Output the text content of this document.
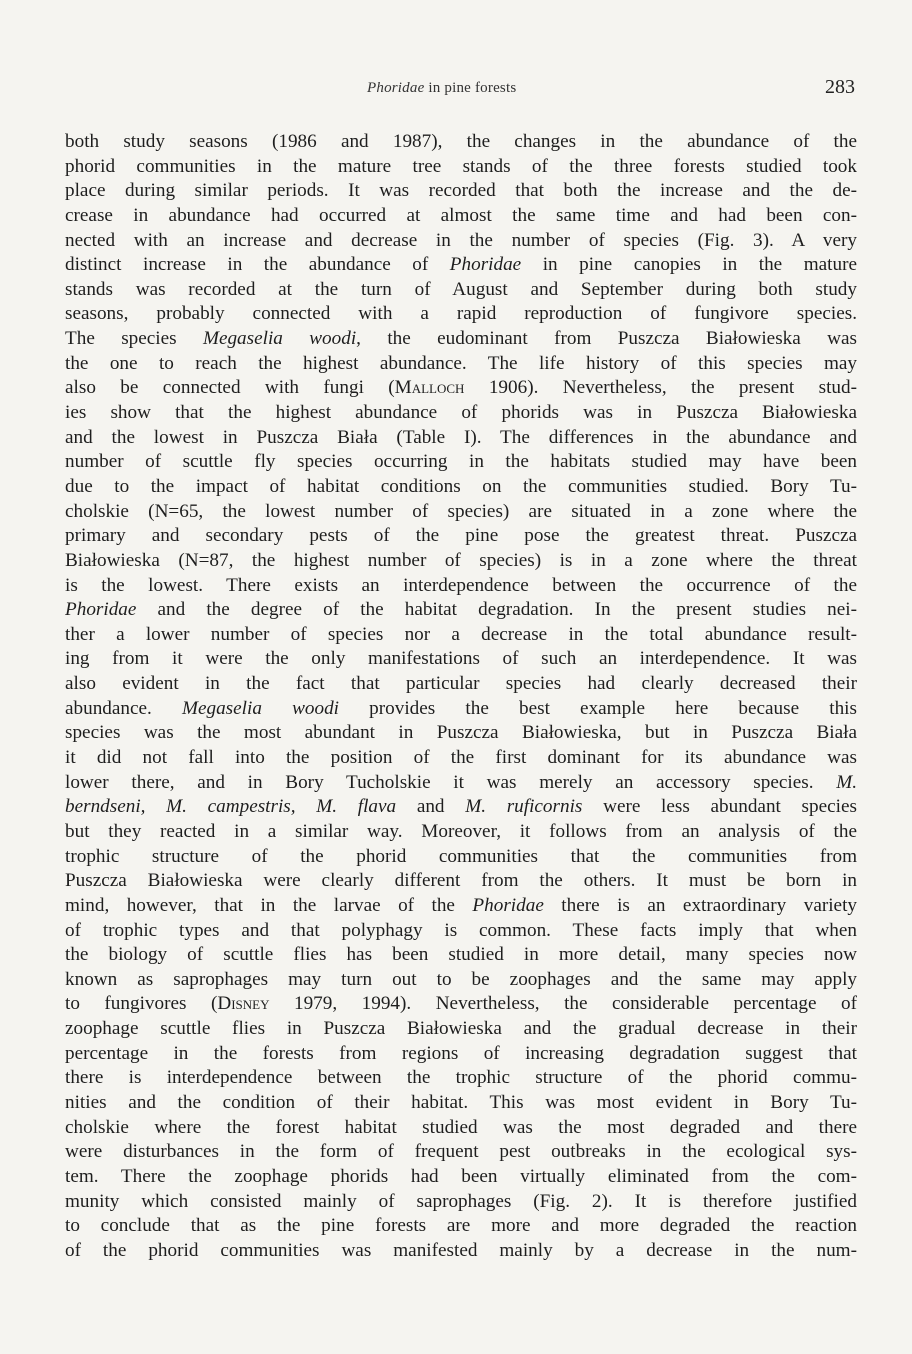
Phoridae in pine forests	283
both study seasons (1986 and 1987), the changes in the abundance of the
phorid communities in the mature tree stands of the three forests studied took
place during similar periods. It was recorded that both the increase and the de-
crease in abundance had occurred at almost the same time and had been con-
nected with an increase and decrease in the number of species (Fig. 3). A very
distinct increase in the abundance of Phoridae in pine canopies in the mature
stands was recorded at the turn of August and September during both study
seasons, probably connected with a rapid reproduction of fungivore species.
The species Megaselia woodi, the eudominant from Puszcza Białowieska was
the one to reach the highest abundance. The life history of this species may
also be connected with fungi (Malloch 1906). Nevertheless, the present stud-
ies show that the highest abundance of phorids was in Puszcza Białowieska
and the lowest in Puszcza Biała (Table I). The differences in the abundance and
number of scuttle fly species occurring in the habitats studied may have been
due to the impact of habitat conditions on the communities studied. Bory Tu-
cholskie (N=65, the lowest number of species) are situated in a zone where the
primary and secondary pests of the pine pose the greatest threat. Puszcza
Białowieska (N=87, the highest number of species) is in a zone where the threat
is the lowest. There exists an interdependence between the occurrence of the
Phoridae and the degree of the habitat degradation. In the present studies nei-
ther a lower number of species nor a decrease in the total abundance result-
ing from it were the only manifestations of such an interdependence. It was
also evident in the fact that particular species had clearly decreased their
abundance. Megaselia woodi provides the best example here because this
species was the most abundant in Puszcza Białowieska, but in Puszcza Biała
it did not fall into the position of the first dominant for its abundance was
lower there, and in Bory Tucholskie it was merely an accessory species. M.
berndseni, M. campestris, M. flava and M. ruficornis were less abundant species
but they reacted in a similar way. Moreover, it follows from an analysis of the
trophic structure of the phorid communities that the communities from
Puszcza Białowieska were clearly different from the others. It must be born in
mind, however, that in the larvae of the Phoridae there is an extraordinary variety
of trophic types and that polyphagy is common. These facts imply that when
the biology of scuttle flies has been studied in more detail, many species now
known as saprophages may turn out to be zoophages and the same may apply
to fungivores (Disney 1979, 1994). Nevertheless, the considerable percentage of
zoophage scuttle flies in Puszcza Białowieska and the gradual decrease in their
percentage in the forests from regions of increasing degradation suggest that
there is interdependence between the trophic structure of the phorid commu-
nities and the condition of their habitat. This was most evident in Bory Tu-
cholskie where the forest habitat studied was the most degraded and there
were disturbances in the form of frequent pest outbreaks in the ecological sys-
tem. There the zoophage phorids had been virtually eliminated from the com-
munity which consisted mainly of saprophages (Fig. 2). It is therefore justified
to conclude that as the pine forests are more and more degraded the reaction
of the phorid communities was manifested mainly by a decrease in the num-
